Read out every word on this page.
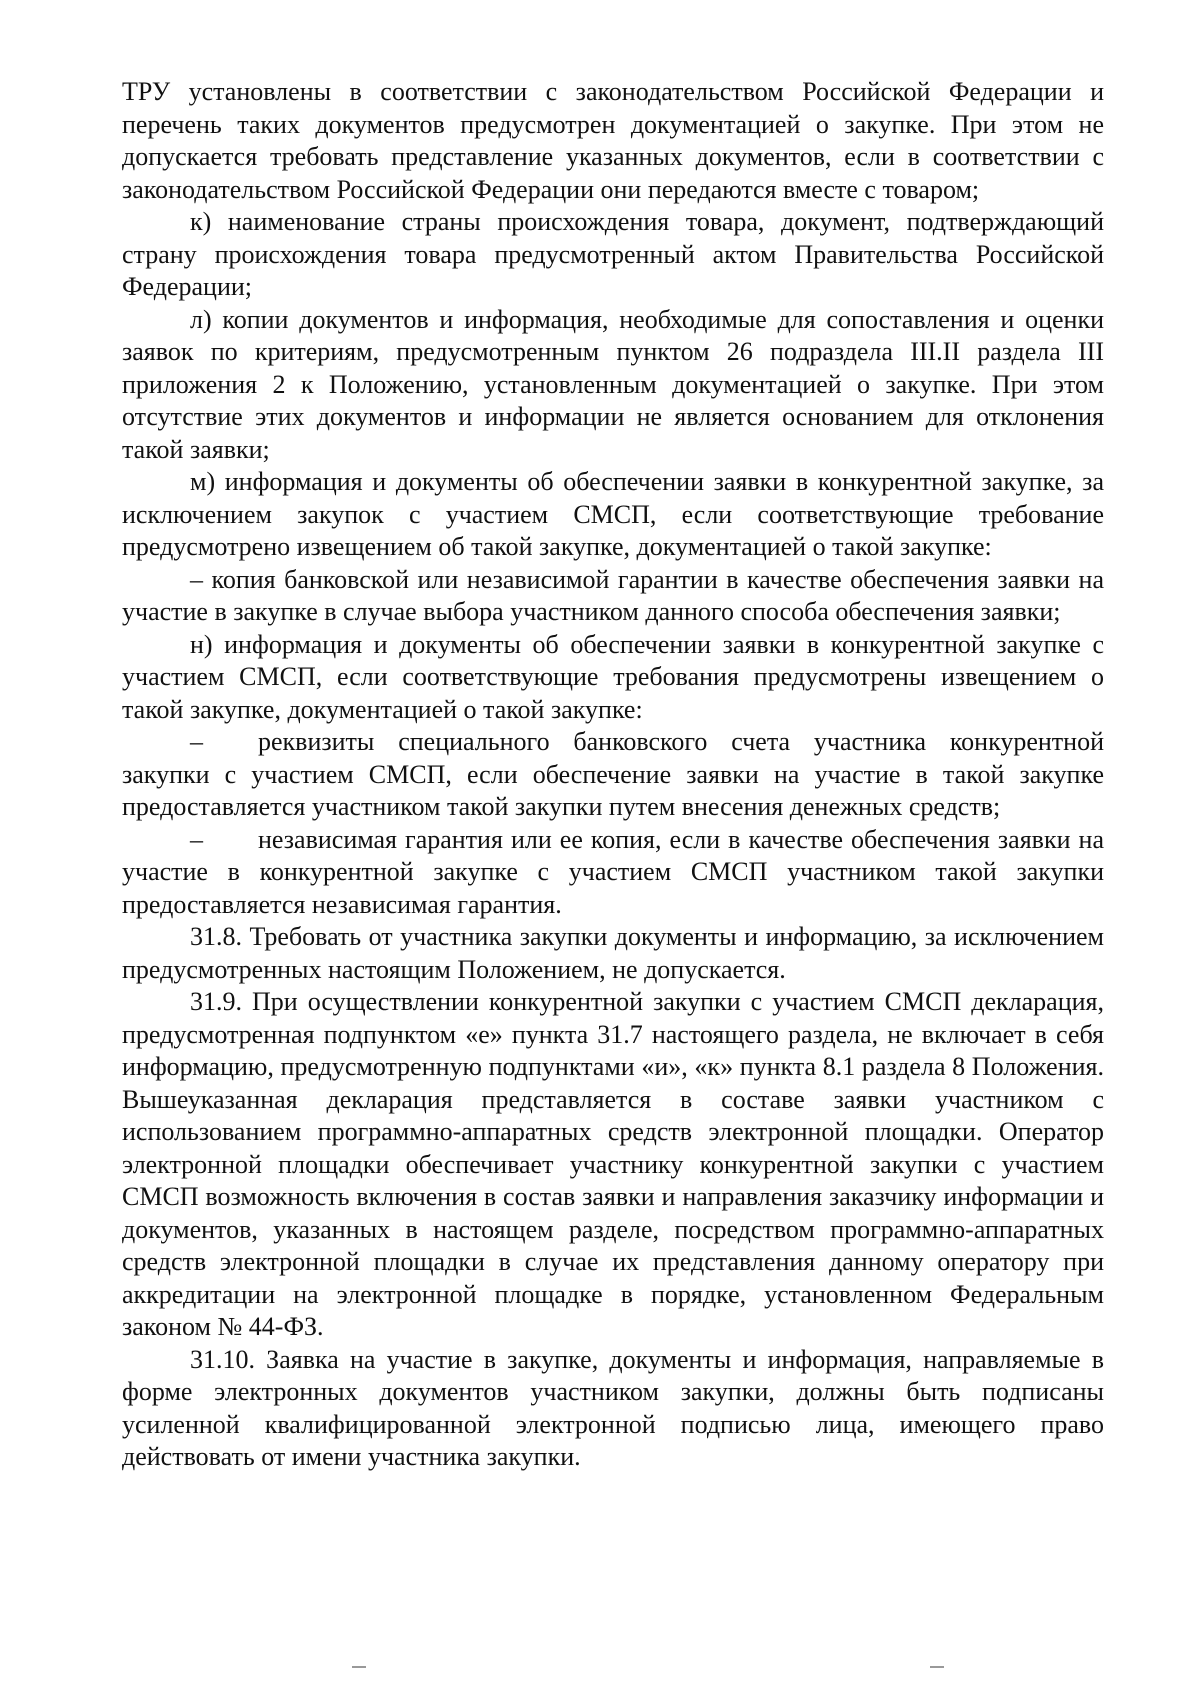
ТРУ установлены в соответствии с законодательством Российской Федерации и перечень таких документов предусмотрен документацией о закупке. При этом не допускается требовать представление указанных документов, если в соответствии с законодательством Российской Федерации они передаются вместе с товаром;

к) наименование страны происхождения товара, документ, подтверждающий страну происхождения товара предусмотренный актом Правительства Российской Федерации;

л) копии документов и информация, необходимые для сопоставления и оценки заявок по критериям, предусмотренным пунктом 26 подраздела III.II раздела III приложения 2 к Положению, установленным документацией о закупке. При этом отсутствие этих документов и информации не является основанием для отклонения такой заявки;

м) информация и документы об обеспечении заявки в конкурентной закупке, за исключением закупок с участием СМСП, если соответствующие требование предусмотрено извещением об такой закупке, документацией о такой закупке:

– копия банковской или независимой гарантии в качестве обеспечения заявки на участие в закупке в случае выбора участником данного способа обеспечения заявки;

н) информация и документы об обеспечении заявки в конкурентной закупке с участием СМСП, если соответствующие требования предусмотрены извещением о такой закупке, документацией о такой закупке:

– реквизиты специального банковского счета участника конкурентной закупки с участием СМСП, если обеспечение заявки на участие в такой закупке предоставляется участником такой закупки путем внесения денежных средств;

– независимая гарантия или ее копия, если в качестве обеспечения заявки на участие в конкурентной закупке с участием СМСП участником такой закупки предоставляется независимая гарантия.

31.8. Требовать от участника закупки документы и информацию, за исключением предусмотренных настоящим Положением, не допускается.

31.9. При осуществлении конкурентной закупки с участием СМСП декларация, предусмотренная подпунктом «е» пункта 31.7 настоящего раздела, не включает в себя информацию, предусмотренную подпунктами «и», «к» пункта 8.1 раздела 8 Положения. Вышеуказанная декларация представляется в составе заявки участником с использованием программно-аппаратных средств электронной площадки. Оператор электронной площадки обеспечивает участнику конкурентной закупки с участием СМСП возможность включения в состав заявки и направления заказчику информации и документов, указанных в настоящем разделе, посредством программно-аппаратных средств электронной площадки в случае их представления данному оператору при аккредитации на электронной площадке в порядке, установленном Федеральным законом № 44-ФЗ.

31.10. Заявка на участие в закупке, документы и информация, направляемые в форме электронных документов участником закупки, должны быть подписаны усиленной квалифицированной электронной подписью лица, имеющего право действовать от имени участника закупки.
